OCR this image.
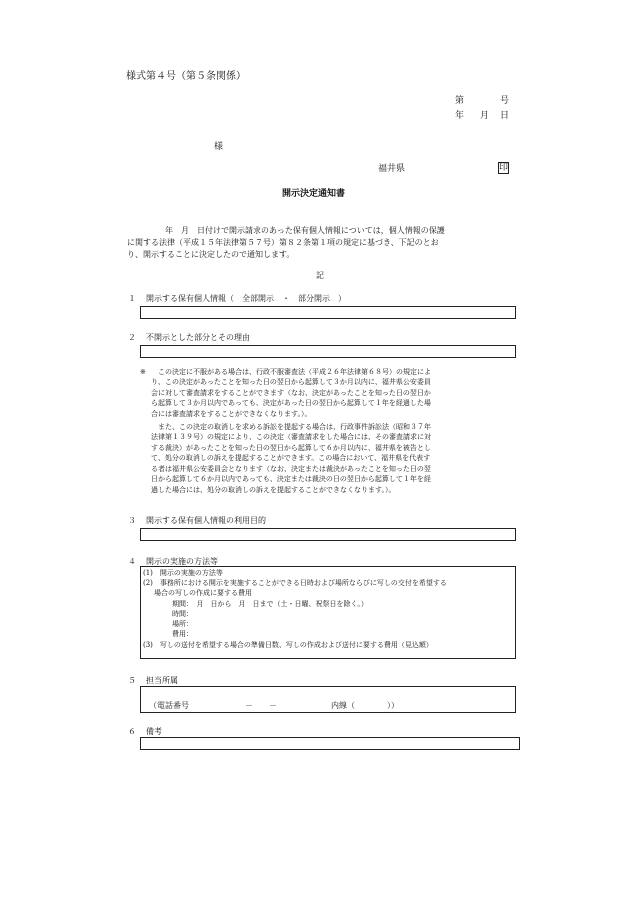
様式第４号（第５条関係）
第	号
年 月 日
様
福井県	印
開示決定通知書
年　月　日付けで開示請求のあった保有個人情報については，個人情報の保護
に関する法律（平成１５年法律第５７号）第８２条第１項の規定に基づき、下記のとお
り、開示することに決定したので通知します。
記
１ 開示する保有個人情報（　全部開示　・　部分開示　）
２ 不開示とした部分とその理由
※ この決定に不服がある場合は、行政不服審査法（平成２６年法律第６８号）の規定によ
り、この決定があったことを知った日の翌日から起算して３か月以内に、福井県公安委員
会に対して審査請求をすることができます（なお、決定があったことを知った日の翌日か
ら起算して３か月以内であっても、決定があった日の翌日から起算して１年を経過した場
合には審査請求をすることができなくなります。）。
また、この決定の取消しを求める訴訟を提起する場合は、行政事件訴訟法（昭和３７年
法律第１３９号）の規定により、この決定（審査請求をした場合には、その審査請求に対
する裁決）があったことを知った日の翌日から起算して６か月以内に、福井県を被告とし
て、処分の取消しの訴えを提起することができます。この場合において、福井県を代表す
る者は福井県公安委員会となります（なお、決定または裁決があったことを知った日の翌
日から起算して６か月以内であっても、決定または裁決の日の翌日から起算して１年を経
過した場合には、処分の取消しの訴えを提起することができなくなります。）。
３ 開示する保有個人情報の利用目的
４ 開示の実施の方法等
(1)　開示の実施の方法等
(2)　事務所における開示を実施することができる日時および場所ならびに写しの交付を希望する
場合の写しの作成に要する費用
期間：　月　日から　月　日まで（土・日曜、祝祭日を除く。）
時間：
場所：
費用：
(3)　写しの送付を希望する場合の準備日数、写しの作成および送付に要する費用（見込額）
５ 担当所属
（電話番号	－　　－	内線（　　　　））
６ 備考
